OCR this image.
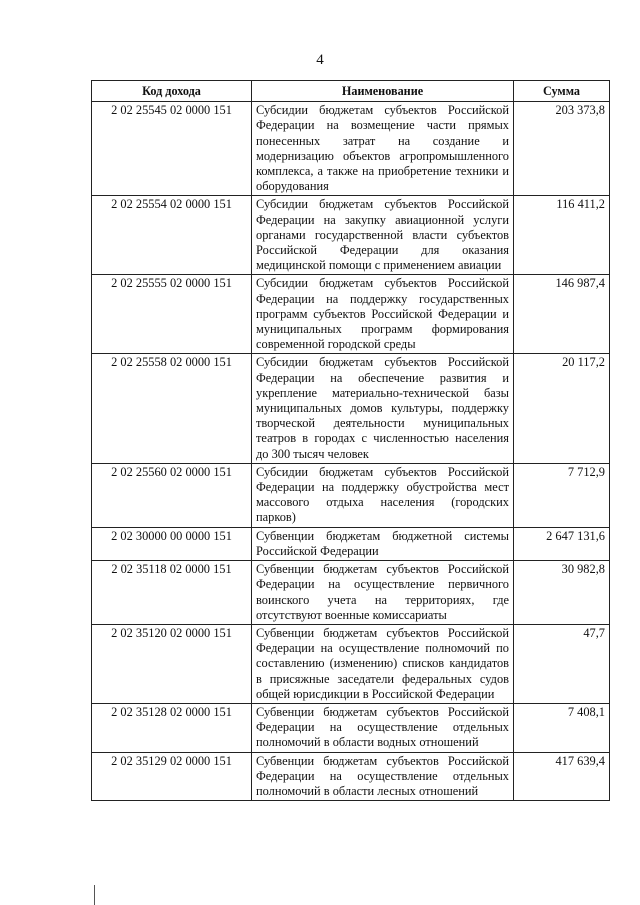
4
Код дохода	Наименование	Сумма
2 02 25545 02 0000 151	Субсидии бюджетам субъектов Российской Федерации на возмещение части прямых понесенных затрат на создание и модернизацию объектов агропромышленного комплекса, а также на приобретение техники и оборудования	203 373,8
2 02 25554 02 0000 151	Субсидии бюджетам субъектов Российской Федерации на закупку авиационной услуги органами государственной власти субъектов Российской Федерации для оказания медицинской помощи с применением авиации	116 411,2
2 02 25555 02 0000 151	Субсидии бюджетам субъектов Российской Федерации на поддержку государственных программ субъектов Российской Федерации и муниципальных программ формирования современной городской среды	146 987,4
2 02 25558 02 0000 151	Субсидии бюджетам субъектов Российской Федерации на обеспечение развития и укрепление материально-технической базы муниципальных домов культуры, поддержку творческой деятельности муниципальных театров в городах с численностью населения до 300 тысяч человек	20 117,2
2 02 25560 02 0000 151	Субсидии бюджетам субъектов Российской Федерации на поддержку обустройства мест массового отдыха населения (городских парков)	7 712,9
2 02 30000 00 0000 151	Субвенции бюджетам бюджетной системы Российской Федерации	2 647 131,6
2 02 35118 02 0000 151	Субвенции бюджетам субъектов Российской Федерации на осуществление первичного воинского учета на территориях, где отсутствуют военные комиссариаты	30 982,8
2 02 35120 02 0000 151	Субвенции бюджетам субъектов Российской Федерации на осуществление полномочий по составлению (изменению) списков кандидатов в присяжные заседатели федеральных судов общей юрисдикции в Российской Федерации	47,7
2 02 35128 02 0000 151	Субвенции бюджетам субъектов Российской Федерации на осуществление отдельных полномочий в области водных отношений	7 408,1
2 02 35129 02 0000 151	Субвенции бюджетам субъектов Российской Федерации на осуществление отдельных полномочий в области лесных отношений	417 639,4
